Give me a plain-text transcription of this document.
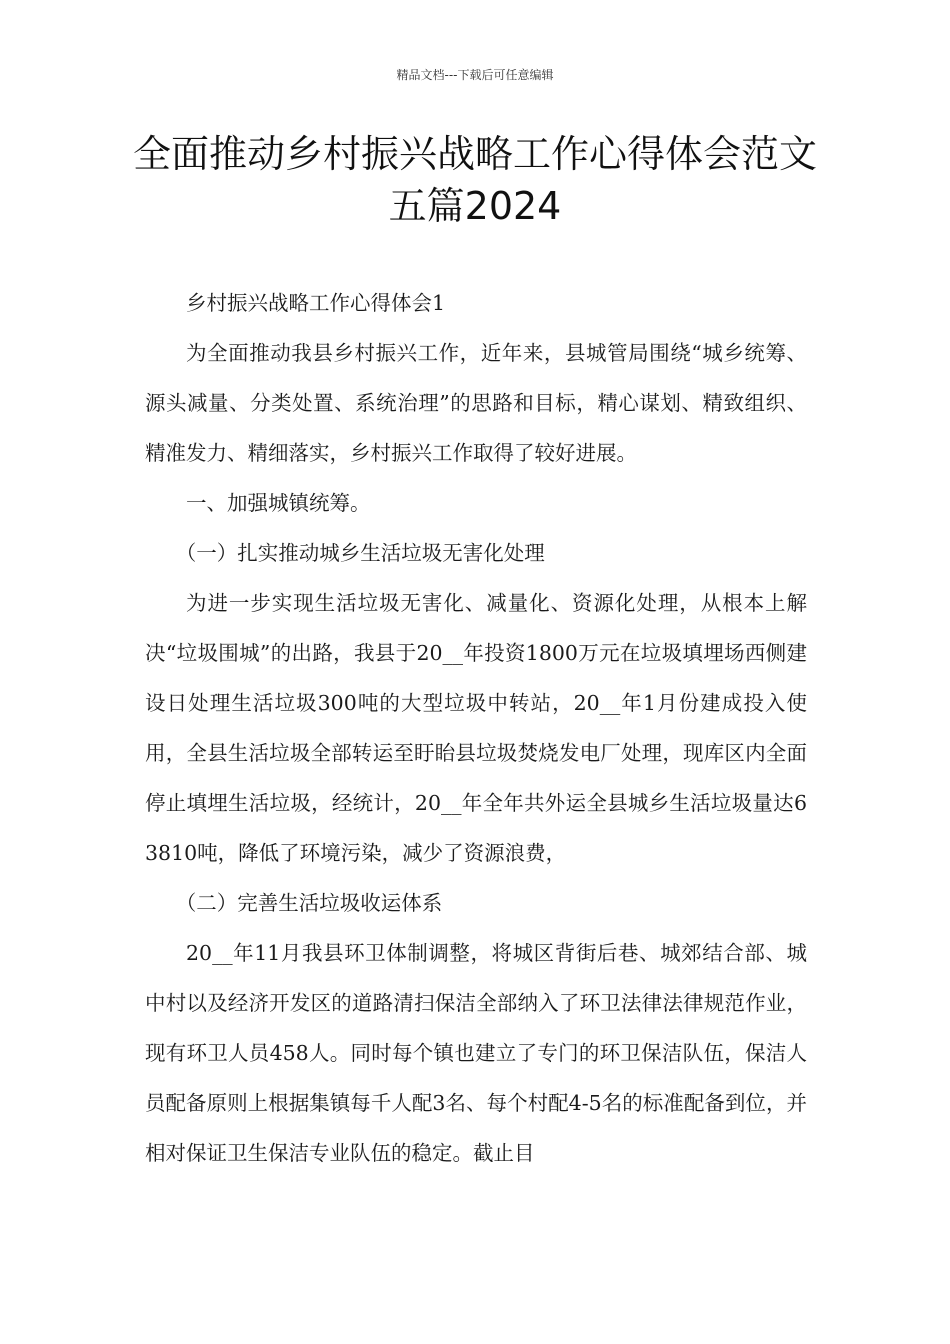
精品文档---下载后可任意编辑
全面推动乡村振兴战略工作心得体会范文五篇2024

乡村振兴战略工作心得体会1

为全面推动我县乡村振兴工作，近年来，县城管局围绕“城乡统筹、源头减量、分类处置、系统治理”的思路和目标，精心谋划、精致组织、精准发力、精细落实，乡村振兴工作取得了较好进展。

一、加强城镇统筹。

（一）扎实推动城乡生活垃圾无害化处理

为进一步实现生活垃圾无害化、减量化、资源化处理，从根本上解决“垃圾围城”的出路，我县于20__年投资1800万元在垃圾填埋场西侧建设日处理生活垃圾300吨的大型垃圾中转站，20__年1月份建成投入使用，全县生活垃圾全部转运至盱眙县垃圾焚烧发电厂处理，现库区内全面停止填埋生活垃圾，经统计，20__年全年共外运全县城乡生活垃圾量达63810吨，降低了环境污染，减少了资源浪费，

（二）完善生活垃圾收运体系

20__年11月我县环卫体制调整，将城区背街后巷、城郊结合部、城中村以及经济开发区的道路清扫保洁全部纳入了环卫法律法律规范作业，现有环卫人员458人。同时每个镇也建立了专门的环卫保洁队伍，保洁人员配备原则上根据集镇每千人配3名、每个村配4-5名的标准配备到位，并相对保证卫生保洁专业队伍的稳定。截止目
